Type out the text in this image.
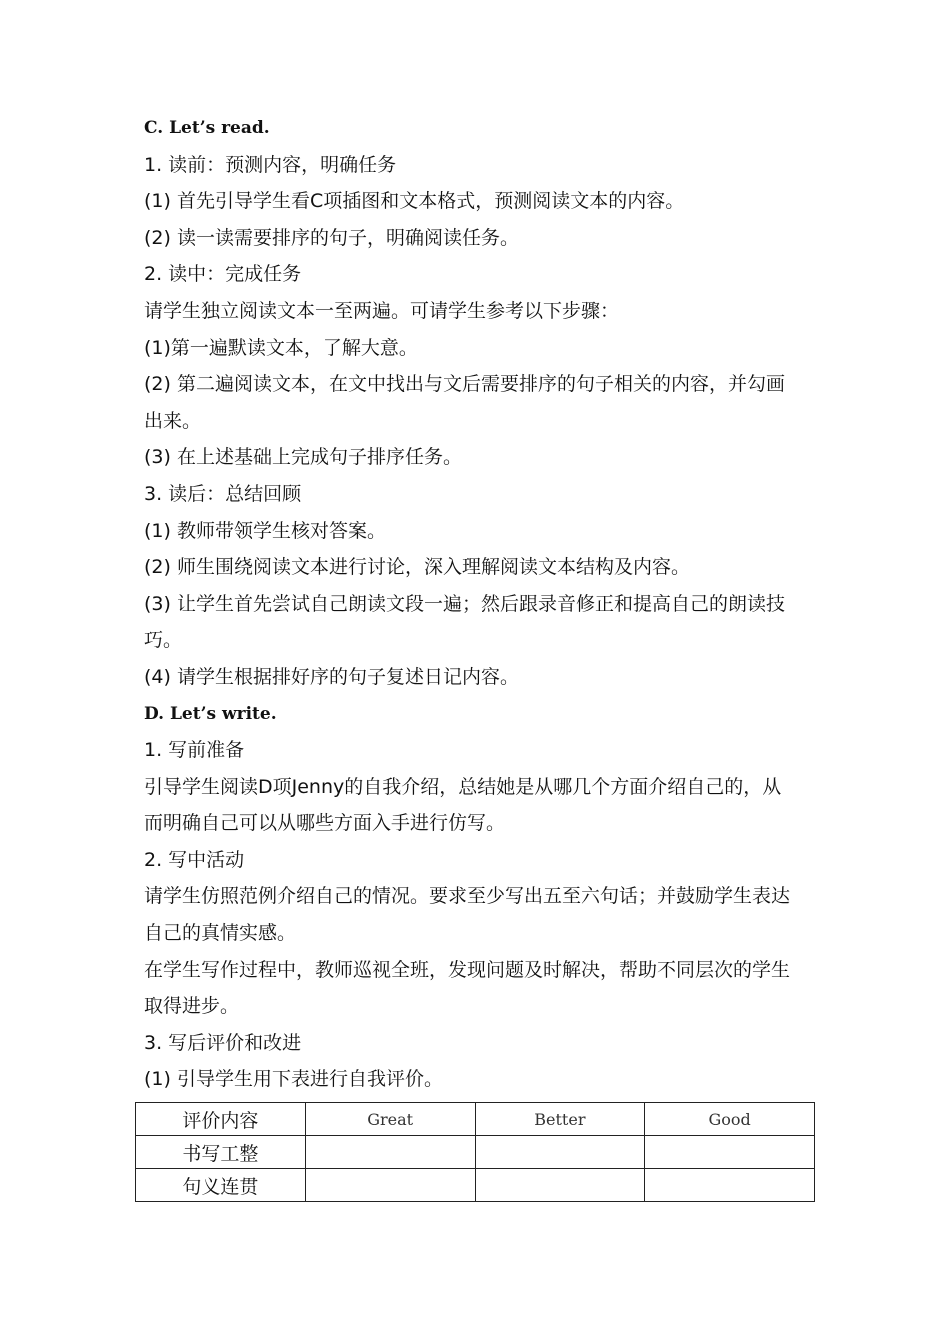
C. Let’s read.
1. 读前：预测内容，明确任务
(1) 首先引导学生看C项插图和文本格式，预测阅读文本的内容。
(2) 读一读需要排序的句子，明确阅读任务。
2. 读中：完成任务
请学生独立阅读文本一至两遍。可请学生参考以下步骤：
(1)第一遍默读文本，了解大意。
(2) 第二遍阅读文本，在文中找出与文后需要排序的句子相关的内容，并勾画
出来。
(3) 在上述基础上完成句子排序任务。
3. 读后：总结回顾
(1) 教师带领学生核对答案。
(2) 师生围绕阅读文本进行讨论，深入理解阅读文本结构及内容。
(3) 让学生首先尝试自己朗读文段一遍；然后跟录音修正和提高自己的朗读技
巧。
(4) 请学生根据排好序的句子复述日记内容。
D. Let’s write.
1. 写前准备
引导学生阅读D项Jenny的自我介绍，总结她是从哪几个方面介绍自己的，从
而明确自己可以从哪些方面入手进行仿写。
2. 写中活动
请学生仿照范例介绍自己的情况。要求至少写出五至六句话；并鼓励学生表达
自己的真情实感。
在学生写作过程中，教师巡视全班，发现问题及时解决，帮助不同层次的学生
取得进步。
3. 写后评价和改进
(1) 引导学生用下表进行自我评价。
评价内容	Great	Better	Good
书写工整			
句义连贯			
